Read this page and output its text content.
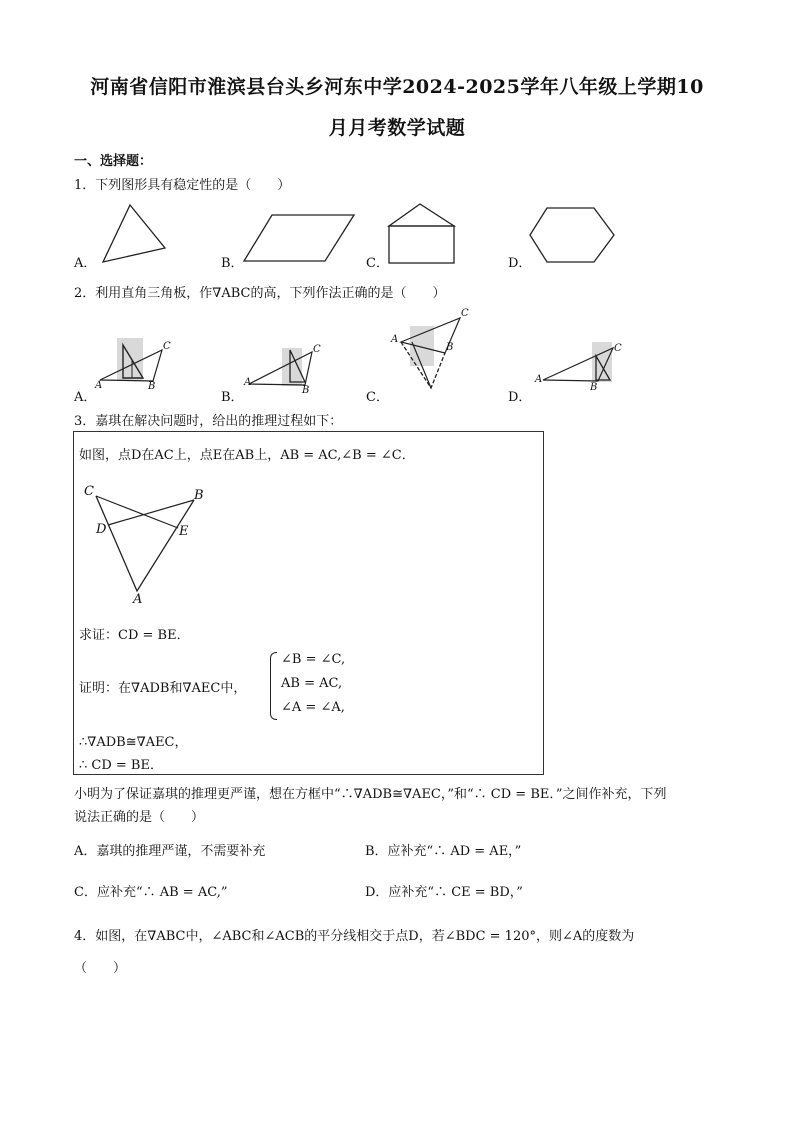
河南省信阳市淮滨县台头乡河东中学2024-2025学年八年级上学期10
月月考数学试题
一、选择题：
1．下列图形具有稳定性的是（　　）
A．	B．	C．	D．
2．利用直角三角板，作∇ABC的高，下列作法正确的是（　　）
A．	B．	C．	D．
A
C
B	A
C
B
A
C
B
A
C
B
3．嘉琪在解决问题时，给出的推理过程如下：
如图，点D在AC上，点E在AB上，AB = AC,∠B = ∠C．
C	B
D	E
A
求证：CD = BE．
证明：在∇ADB和∇AEC中，
∠B = ∠C,
AB = AC,
∠A = ∠A,
∴∇ADB≅∇AEC，
∴ CD = BE．
小明为了保证嘉琪的推理更严谨，想在方框中“∴∇ADB≅∇AEC，”和“∴ CD = BE．”之间作补充，下列
说法正确的是（　　）
A．嘉琪的推理严谨，不需要补充	B．应补充“∴ AD = AE，”
C．应补充“∴ AB = AC,”	D．应补充“∴ CE = BD，”
4．如图，在∇ABC中，∠ABC和∠ACB的平分线相交于点D，若∠BDC = 120°，则∠A的度数为
（　　）
